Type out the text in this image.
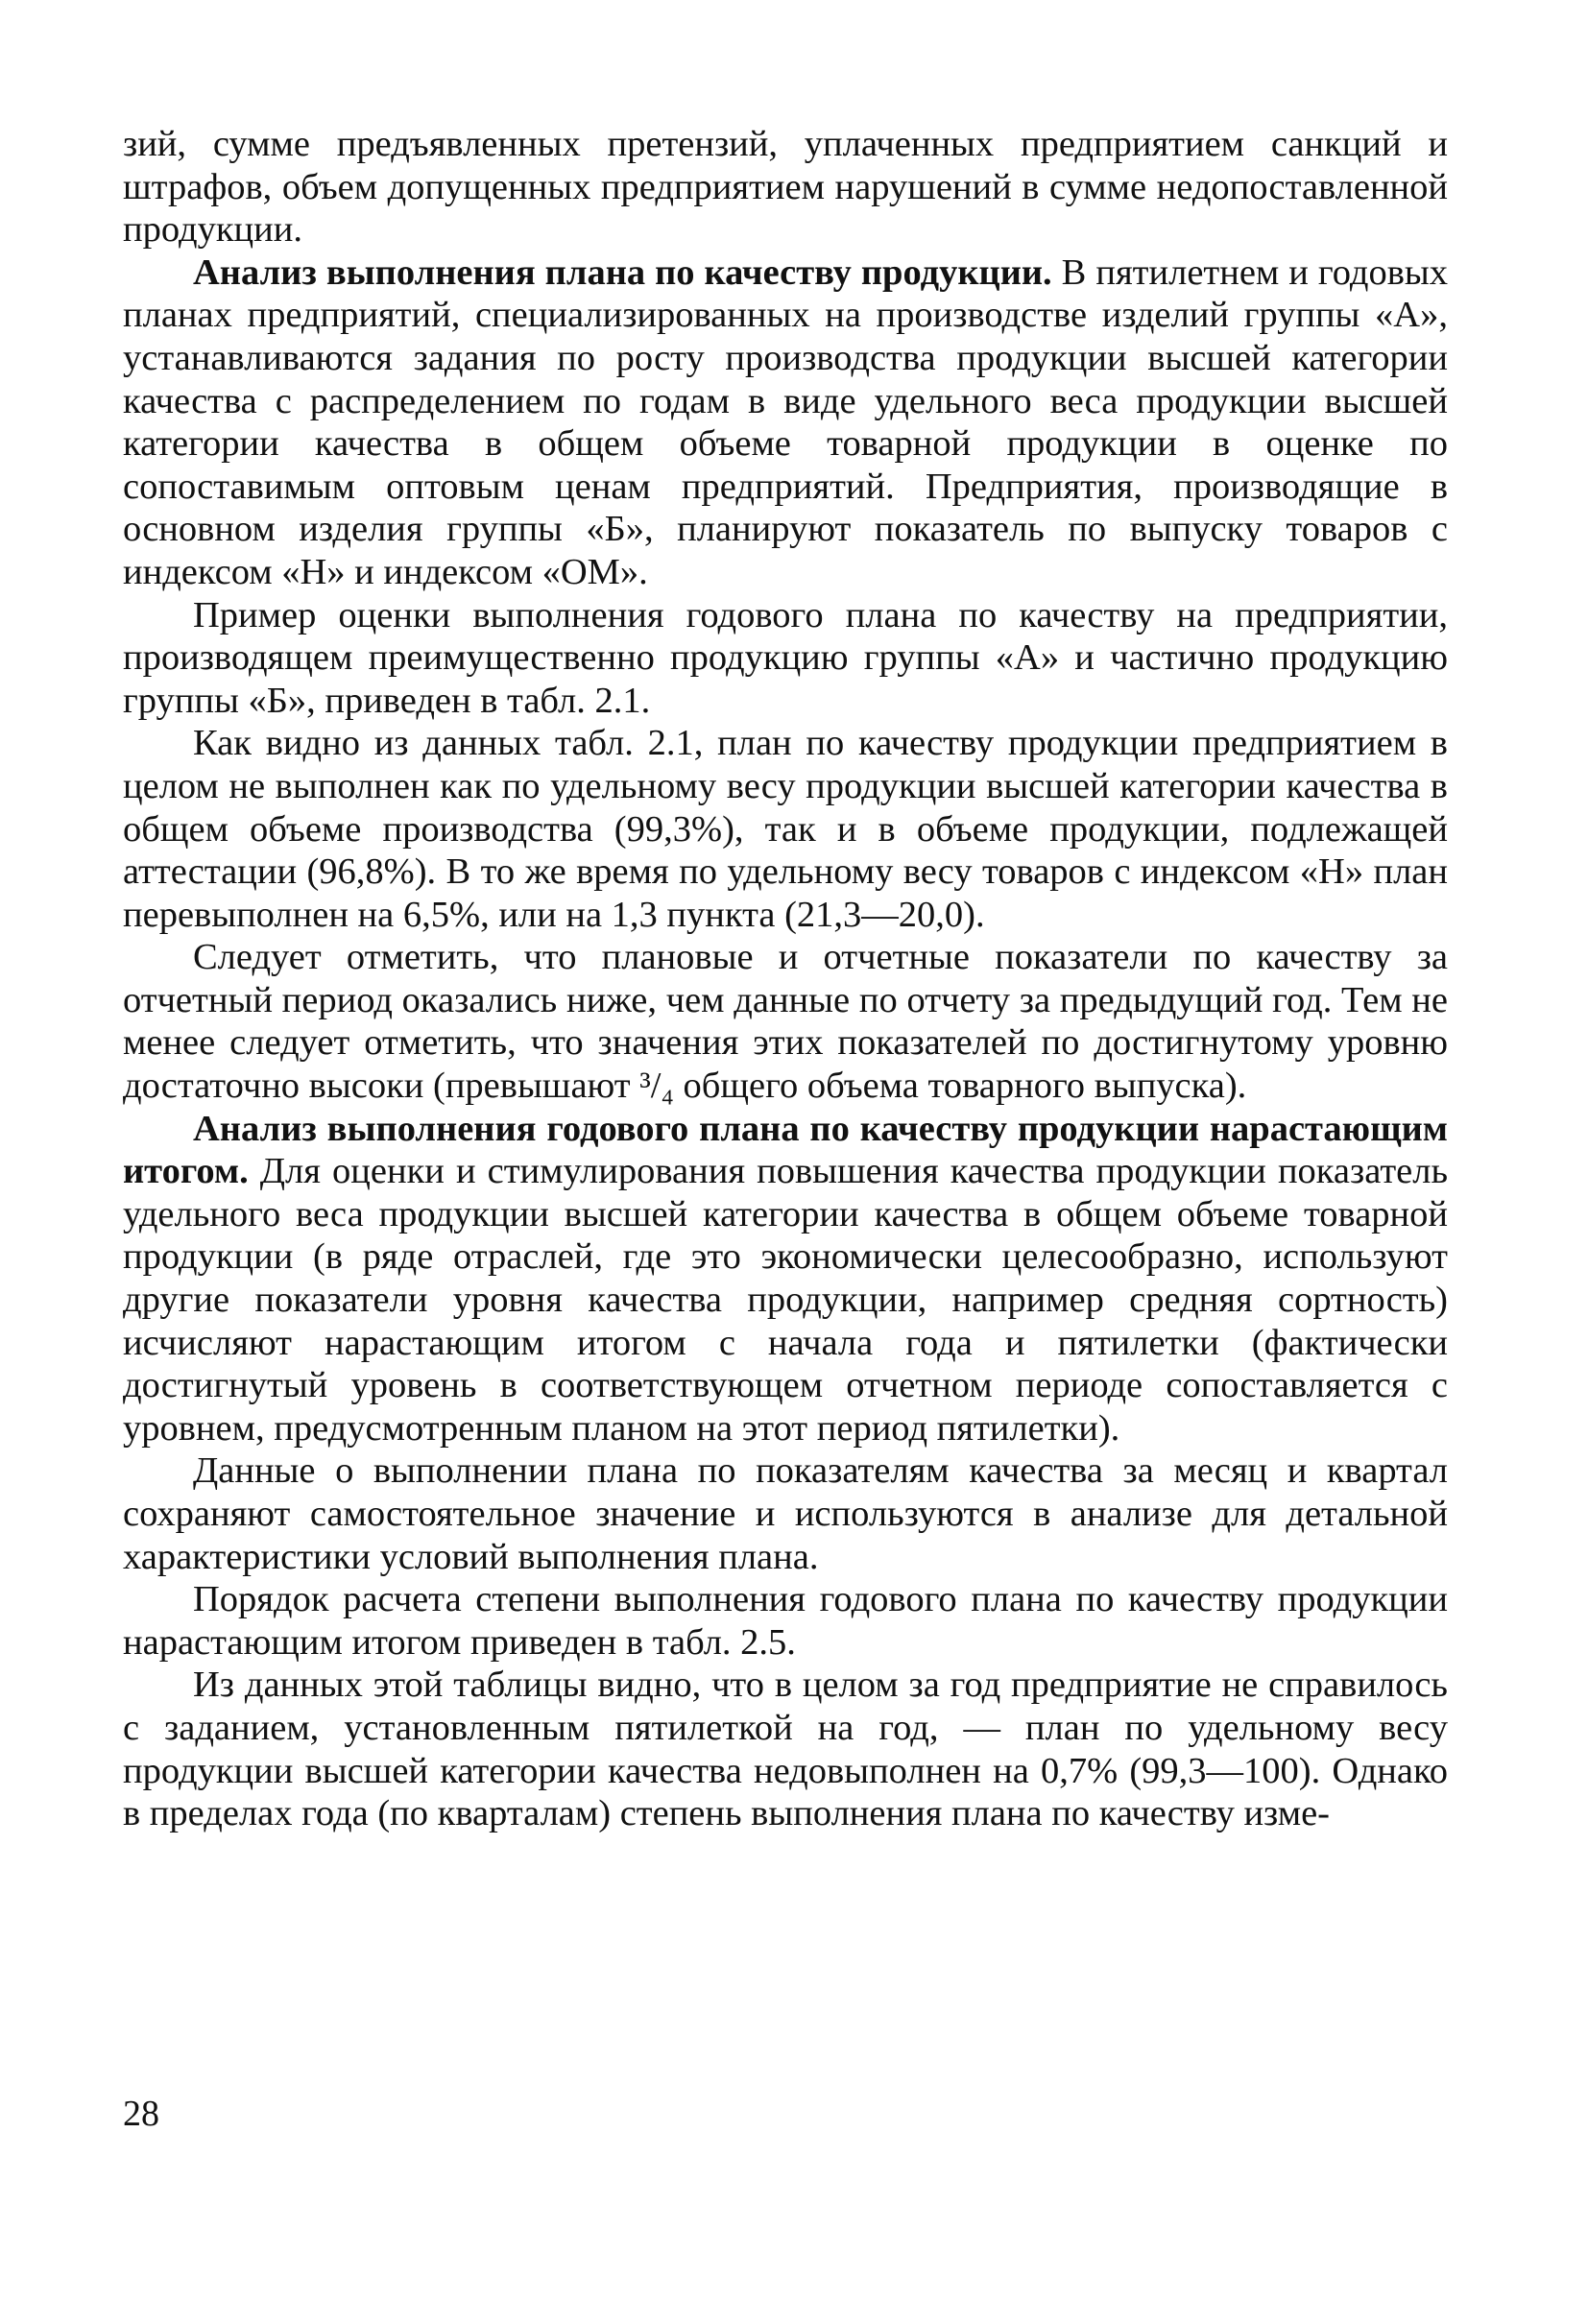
зий, сумме предъявленных претензий, уплаченных предприятием санкций и штрафов, объем допущенных предприятием нарушений в сумме недопоставленной продукции.

Анализ выполнения плана по качеству продукции. В пятилетнем и годовых планах предприятий, специализированных на производстве изделий группы «А», устанавливаются задания по росту производства продукции высшей категории качества с распределением по годам в виде удельного веса продукции высшей категории качества в общем объеме товарной продукции в оценке по сопоставимым оптовым ценам предприятий. Предприятия, производящие в основном изделия группы «Б», планируют показатель по выпуску товаров с индексом «Н» и индексом «ОМ».

Пример оценки выполнения годового плана по качеству на предприятии, производящем преимущественно продукцию группы «А» и частично продукцию группы «Б», приведен в табл. 2.1.

Как видно из данных табл. 2.1, план по качеству продукции предприятием в целом не выполнен как по удельному весу продукции высшей категории качества в общем объеме производства (99,3%), так и в объеме продукции, подлежащей аттестации (96,8%). В то же время по удельному весу товаров с индексом «Н» план перевыполнен на 6,5%, или на 1,3 пункта (21,3—20,0).

Следует отметить, что плановые и отчетные показатели по качеству за отчетный период оказались ниже, чем данные по отчету за предыдущий год. Тем не менее следует отметить, что значения этих показателей по достигнутому уровню достаточно высоки (превышают ³/₄ общего объема товарного выпуска).

Анализ выполнения годового плана по качеству продукции нарастающим итогом. Для оценки и стимулирования повышения качества продукции показатель удельного веса продукции высшей категории качества в общем объеме товарной продукции (в ряде отраслей, где это экономически целесообразно, используют другие показатели уровня качества продукции, например средняя сортность) исчисляют нарастающим итогом с начала года и пятилетки (фактически достигнутый уровень в соответствующем отчетном периоде сопоставляется с уровнем, предусмотренным планом на этот период пятилетки).

Данные о выполнении плана по показателям качества за месяц и квартал сохраняют самостоятельное значение и используются в анализе для детальной характеристики условий выполнения плана.

Порядок расчета степени выполнения годового плана по качеству продукции нарастающим итогом приведен в табл. 2.5.

Из данных этой таблицы видно, что в целом за год предприятие не справилось с заданием, установленным пятилеткой на год, — план по удельному весу продукции высшей категории качества недовыполнен на 0,7% (99,3—100). Однако в пределах года (по кварталам) степень выполнения плана по качеству изме-

28
